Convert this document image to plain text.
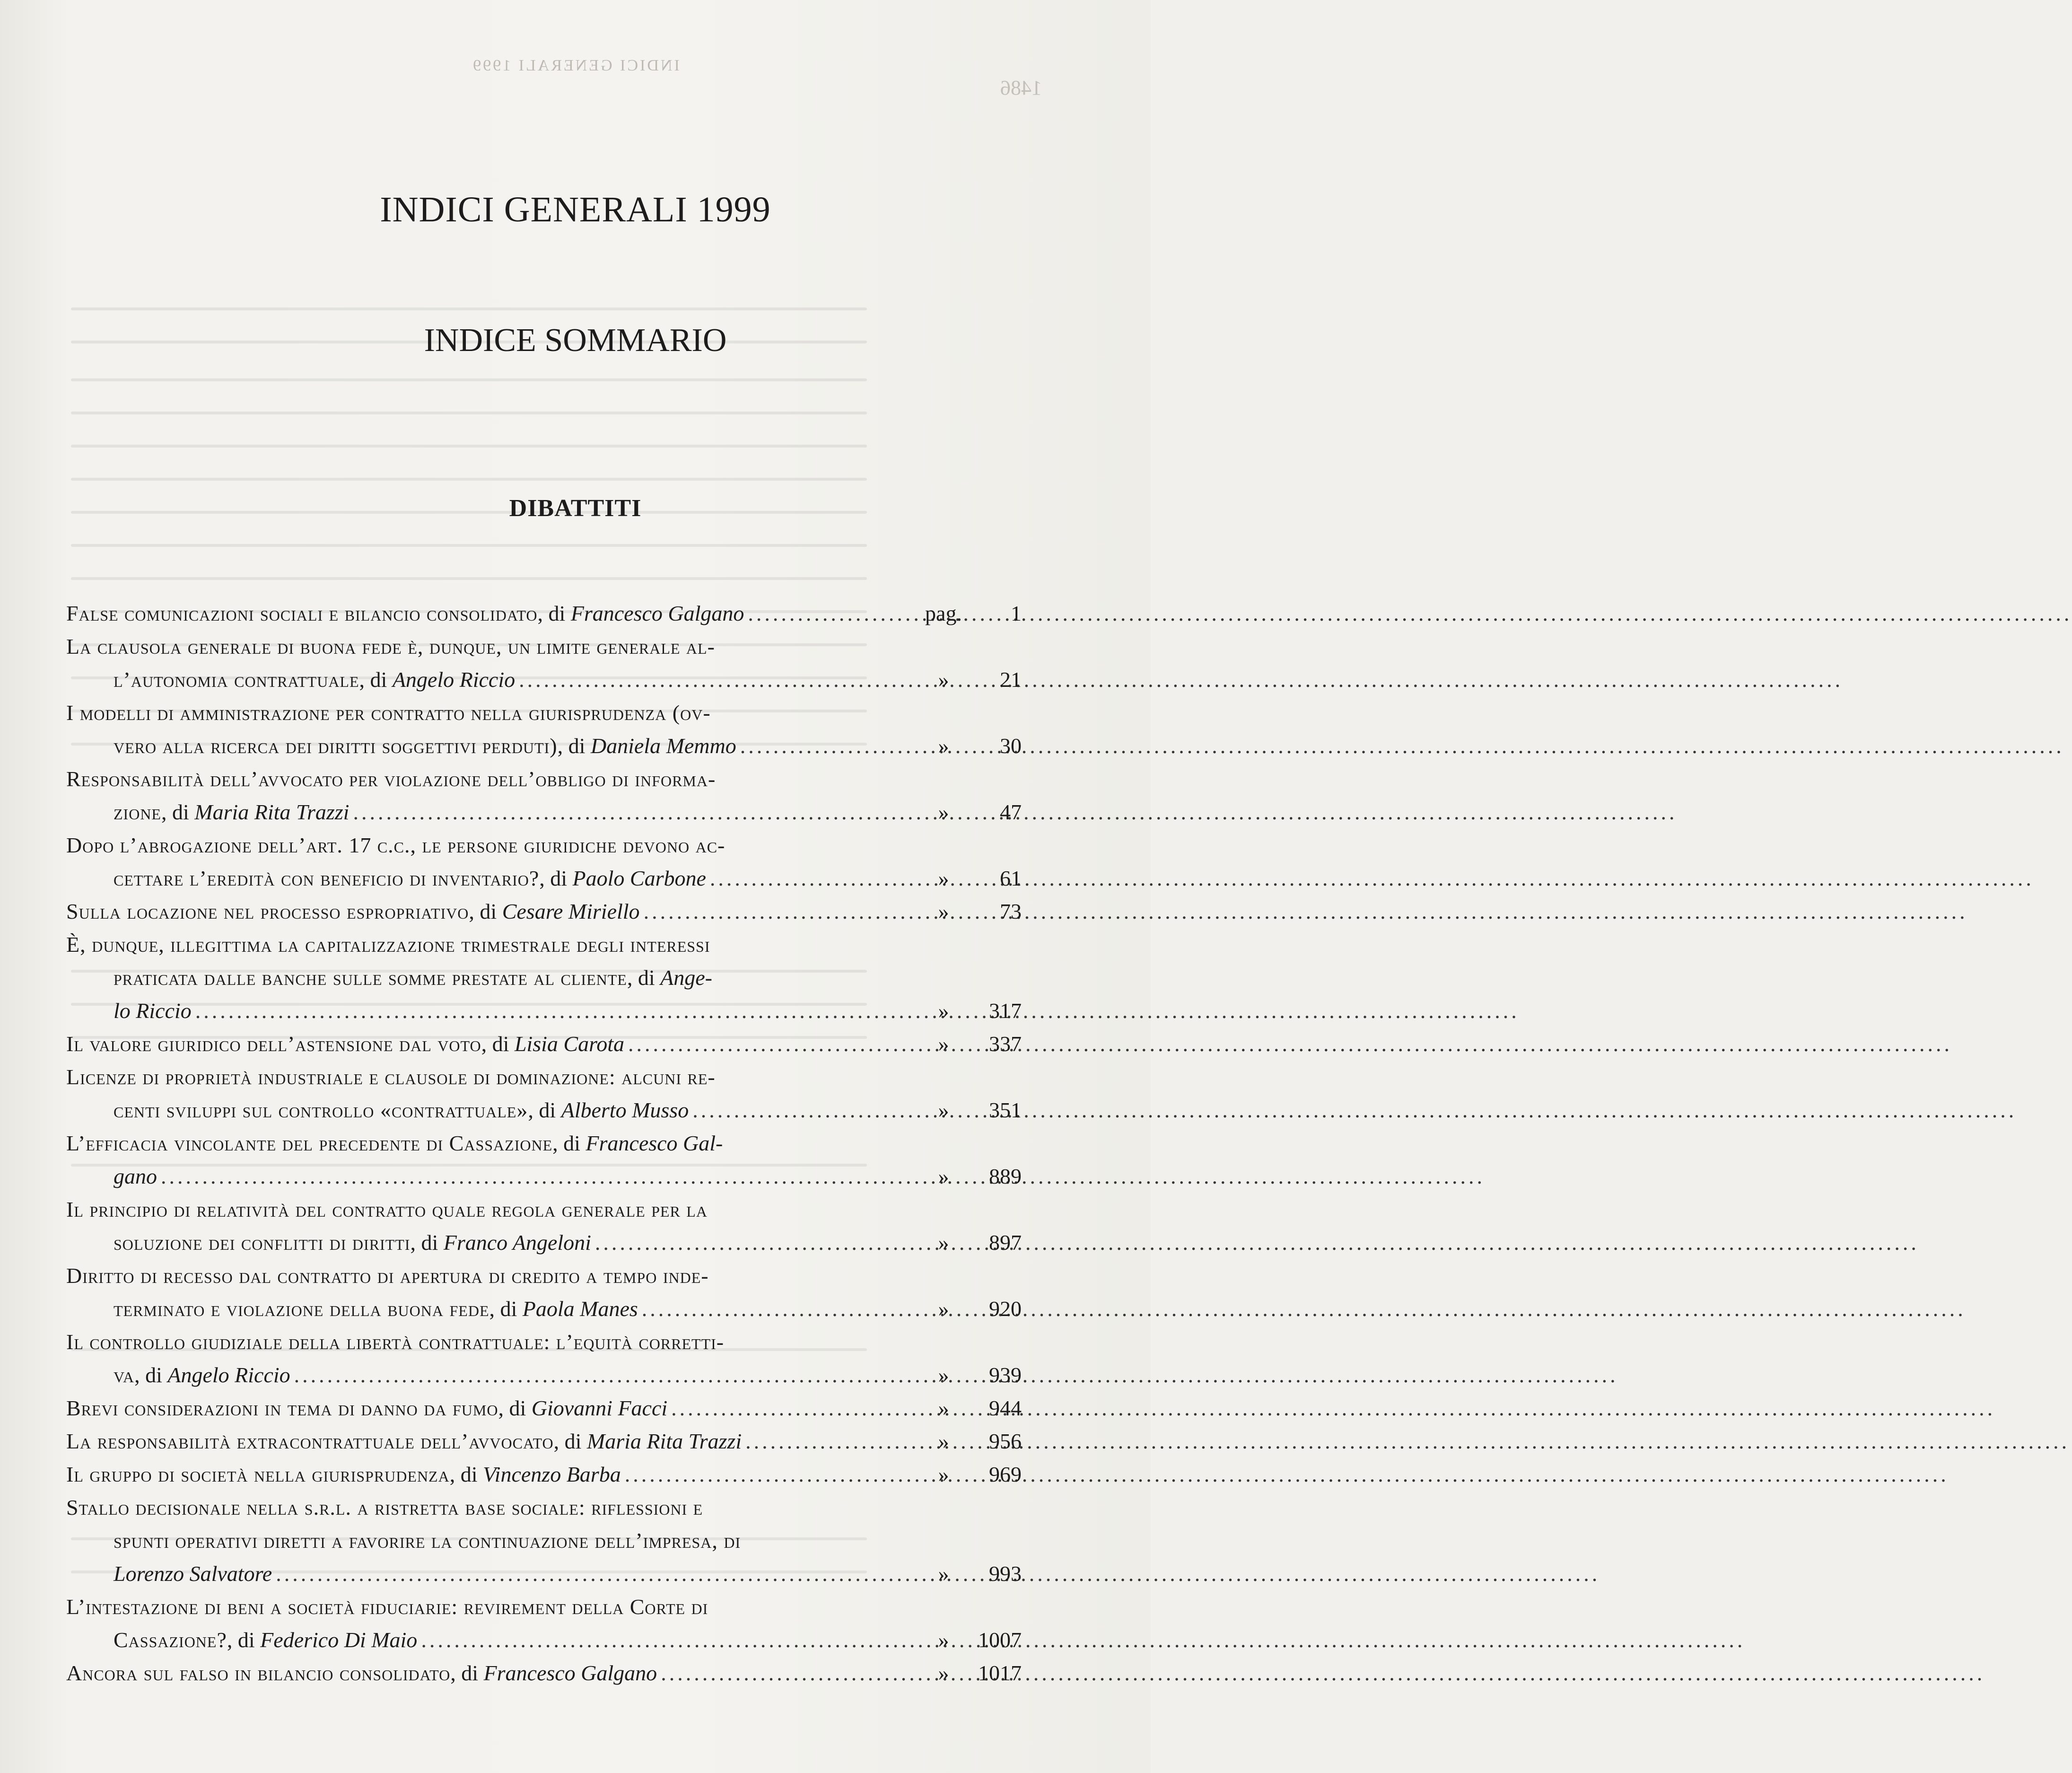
INDICI GENERALI 1999
1486
INDICI GENERALI 1999
INDICE SOMMARIO
DIBATTITI
False comunicazioni sociali e bilancio consolidato, di Francesco Galgano .....	pag.	1
La clausola generale di buona fede è, dunque, un limite generale al-
l’autonomia contrattuale, di Angelo Riccio .....	»	21
I modelli di amministrazione per contratto nella giurisprudenza (ov-
vero alla ricerca dei diritti soggettivi perduti), di Daniela Memmo .....	»	30
Responsabilità dell’avvocato per violazione dell’obbligo di informa-
zione, di Maria Rita Trazzi .....	»	47
Dopo l’abrogazione dell’art. 17 c.c., le persone giuridiche devono ac-
cettare l’eredità con beneficio di inventario?, di Paolo Carbone .....	»	61
Sulla locazione nel processo espropriativo, di Cesare Miriello .....	»	73
È, dunque, illegittima la capitalizzazione trimestrale degli interessi
praticata dalle banche sulle somme prestate al cliente, di Ange-
lo Riccio .....	»	317
Il valore giuridico dell’astensione dal voto, di Lisia Carota .....	»	337
Licenze di proprietà industriale e clausole di dominazione: alcuni re-
centi sviluppi sul controllo «contrattuale», di Alberto Musso .....	»	351
L’efficacia vincolante del precedente di Cassazione, di Francesco Gal-
gano .....	»	889
Il principio di relatività del contratto quale regola generale per la
soluzione dei conflitti di diritti, di Franco Angeloni .....	»	897
Diritto di recesso dal contratto di apertura di credito a tempo inde-
terminato e violazione della buona fede, di Paola Manes .....	»	920
Il controllo giudiziale della libertà contrattuale: l’equità corretti-
va, di Angelo Riccio .....	»	939
Brevi considerazioni in tema di danno da fumo, di Giovanni Facci .....	»	944
La responsabilità extracontrattuale dell’avvocato, di Maria Rita Trazzi .....	»	956
Il gruppo di società nella giurisprudenza, di Vincenzo Barba .....	»	969
Stallo decisionale nella s.r.l. a ristretta base sociale: riflessioni e
spunti operativi diretti a favorire la continuazione dell’impresa, di
Lorenzo Salvatore .....	»	993
L’intestazione di beni a società fiduciarie: revirement della Corte di
Cassazione?, di Federico Di Maio .....	»	1007
Ancora sul falso in bilancio consolidato, di Francesco Galgano .....	»	1017
